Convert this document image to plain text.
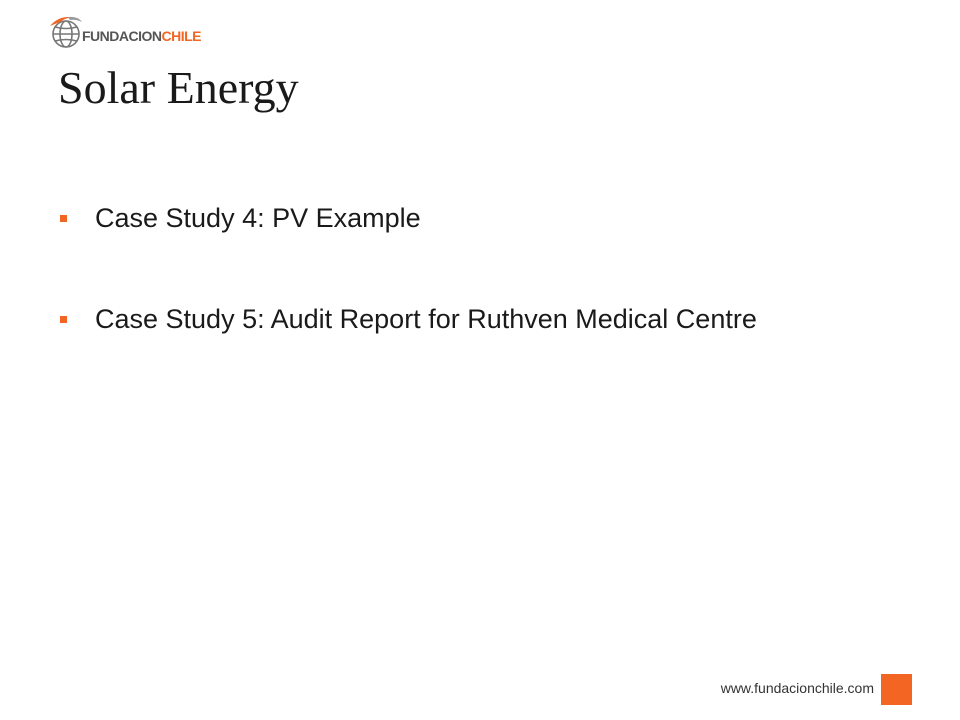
FUNDACIONCHILE
Solar Energy
Case Study 4: PV Example
Case Study 5: Audit Report for Ruthven Medical Centre
www.fundacionchile.com
